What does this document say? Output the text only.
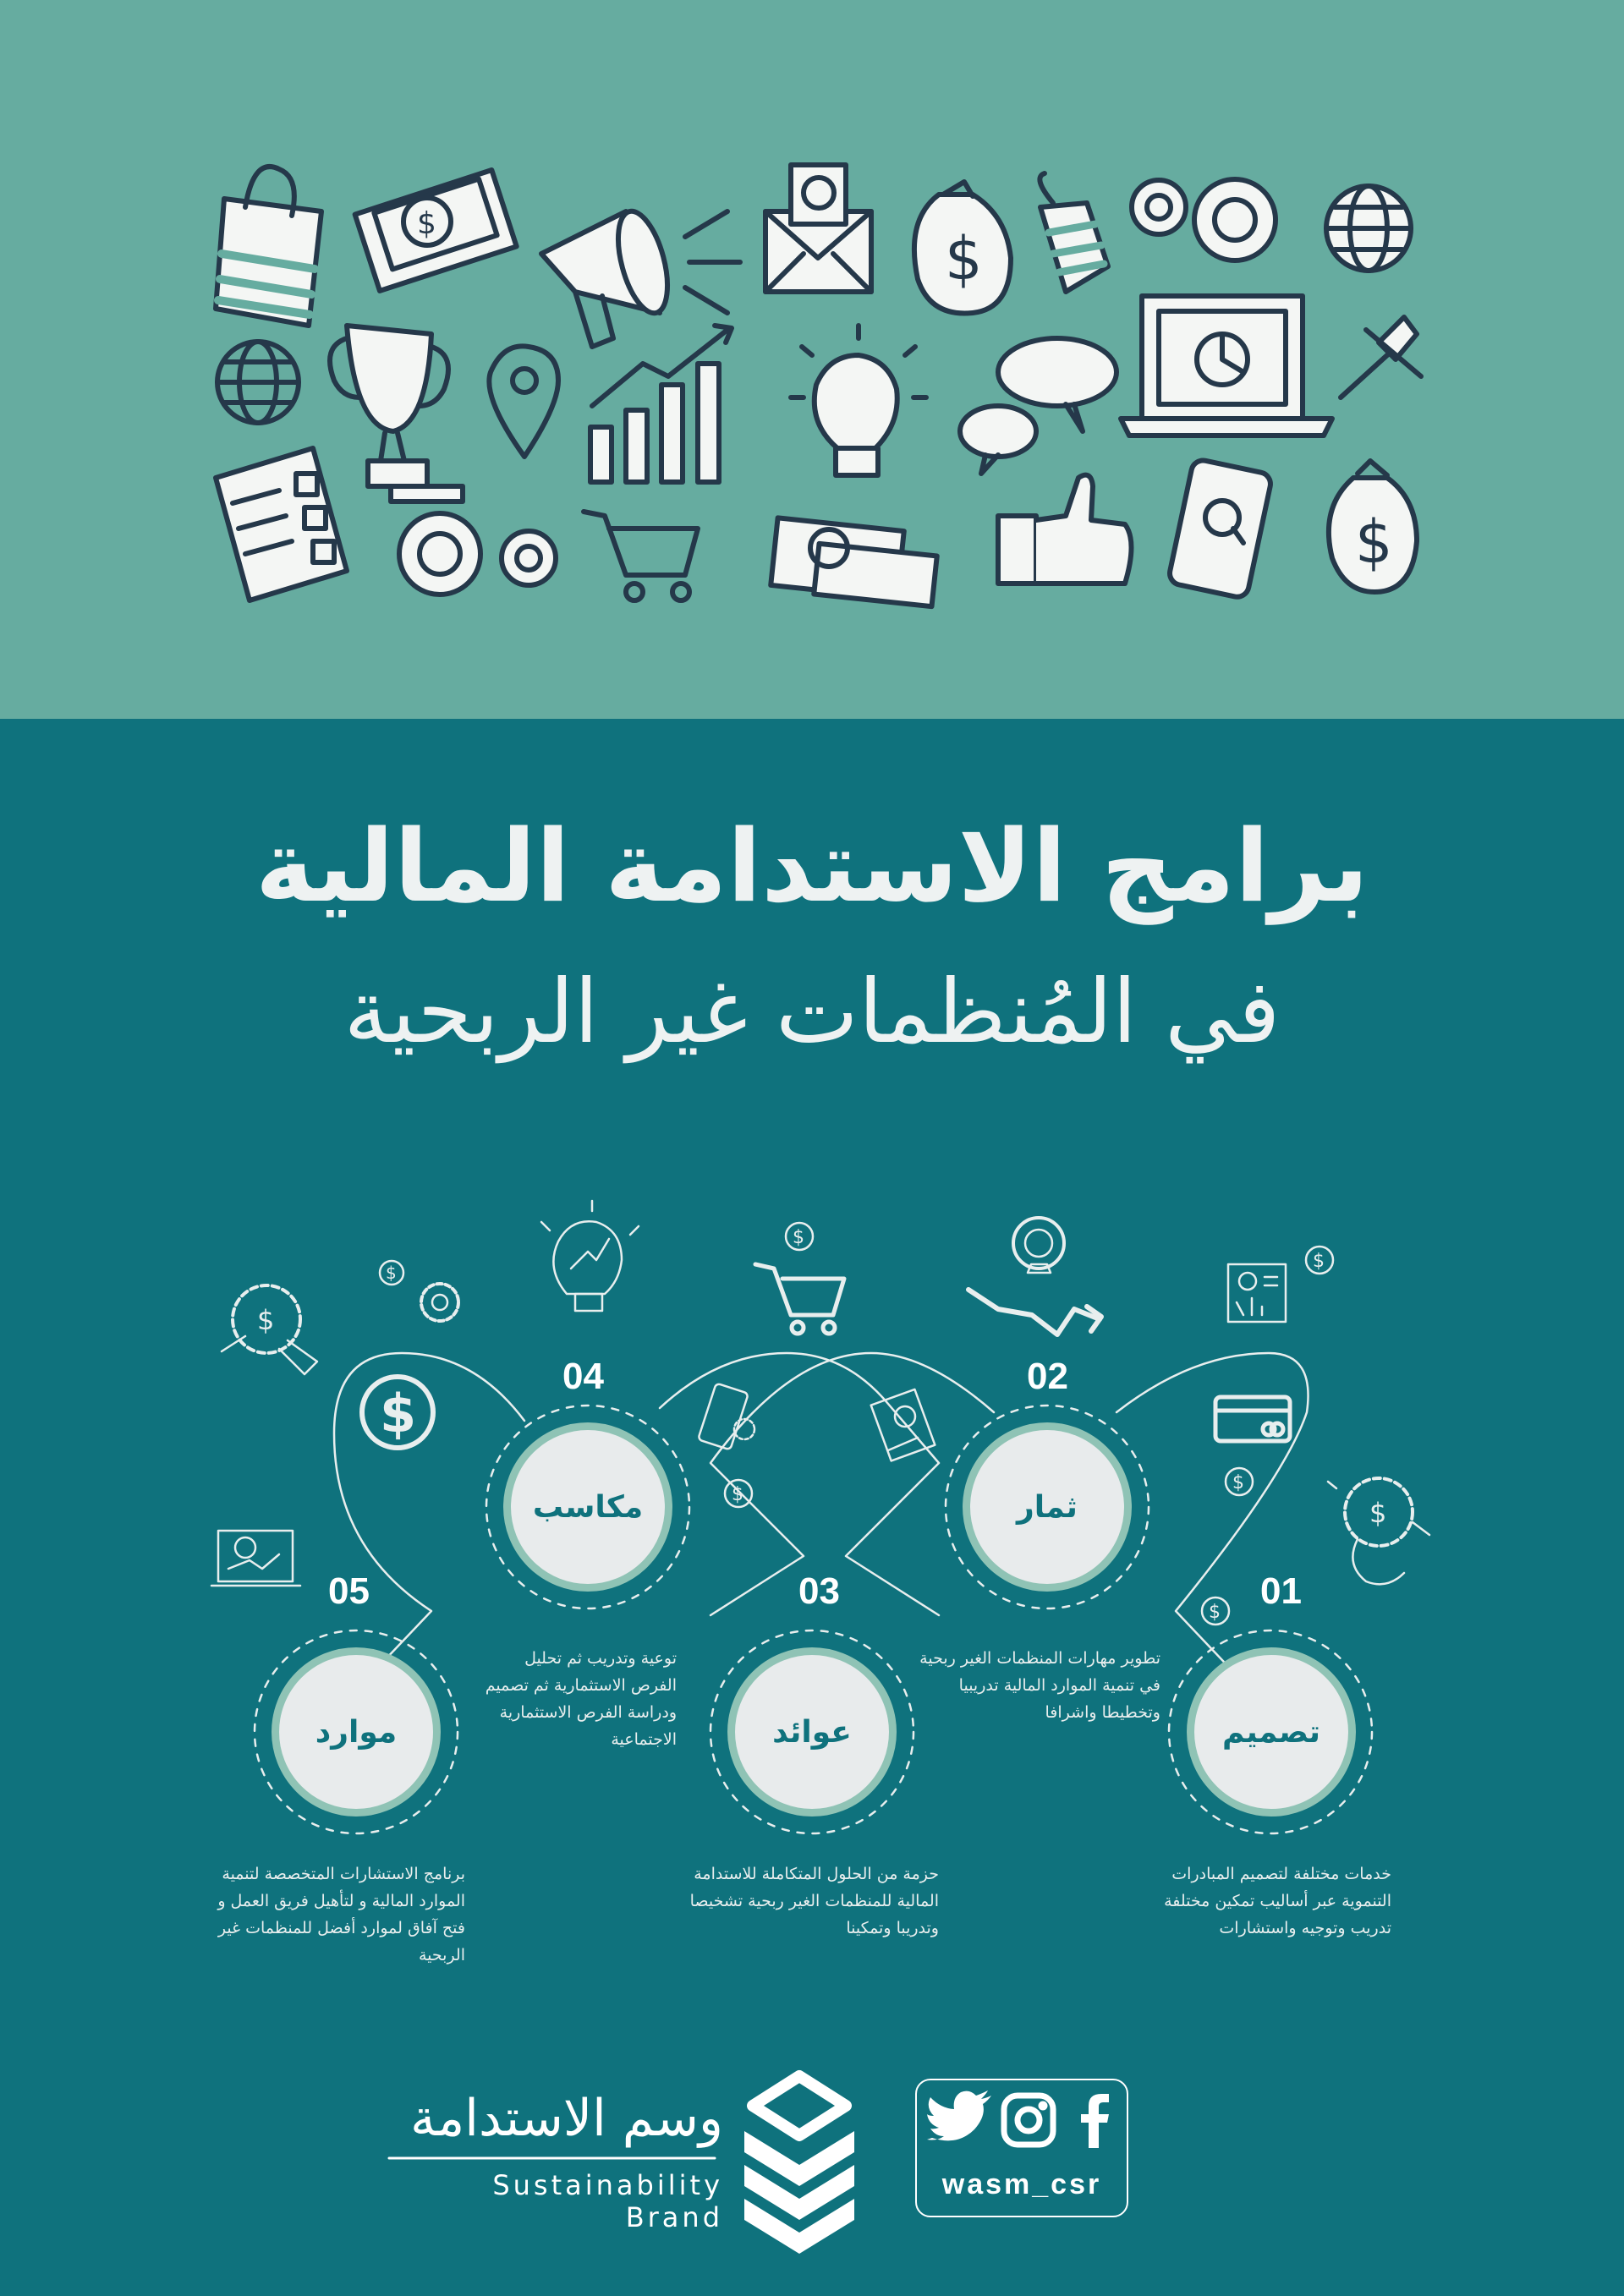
$
$
$
برامج الاستدامة المالية
في المُنظمات غير الربحية
$
$
$
$
$
$
$
$
$
تصميم
ثمار
عوائد
مكاسب
موارد
01
02
03
04
05
خدمات مختلفة لتصميم المبادرات التنموية عبر أساليب تمكين مختلفة تدريب وتوجيه واستشارات
تطوير مهارات المنظمات الغير ربحية في تنمية الموارد المالية تدريبيا وتخطيطا واشرافا
حزمة من الحلول المتكاملة للاستدامة المالية للمنظمات الغير ربحية تشخيصا وتدريبا وتمكينا
توعية وتدريب ثم تحليل الفرص الاستثمارية ثم تصميم ودراسة الفرص الاستثمارية الاجتماعية
برنامج الاستشارات المتخصصة لتنمية الموارد المالية و لتأهيل فريق العمل و فتح آفاق لموارد أفضل للمنظمات غير الربحية
وسم الاستدامة
Sustainability Brand
wasm_csr
